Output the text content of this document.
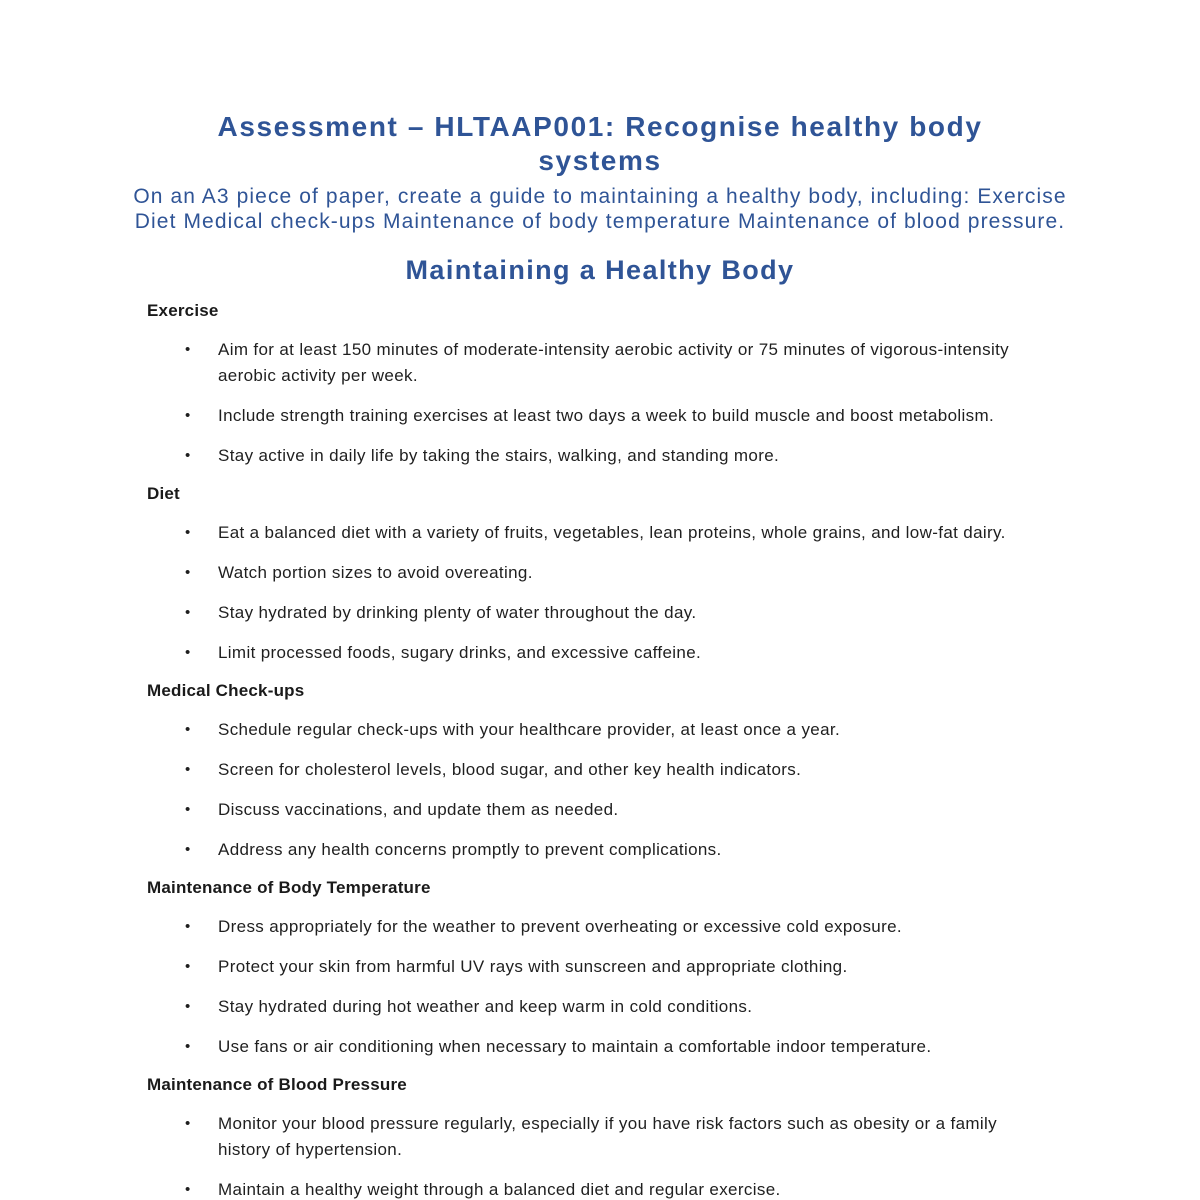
Assessment – HLTAAP001: Recognise healthy body systems

On an A3 piece of paper, create a guide to maintaining a healthy body, including: Exercise Diet Medical check-ups Maintenance of body temperature Maintenance of blood pressure.

Maintaining a Healthy Body
Exercise
•
Aim for at least 150 minutes of moderate-intensity aerobic activity or 75 minutes of vigorous-intensity aerobic activity per week.
•
Include strength training exercises at least two days a week to build muscle and boost metabolism.
•
Stay active in daily life by taking the stairs, walking, and standing more.
Diet
•
Eat a balanced diet with a variety of fruits, vegetables, lean proteins, whole grains, and low-fat dairy.
•
Watch portion sizes to avoid overeating.
•
Stay hydrated by drinking plenty of water throughout the day.
•
Limit processed foods, sugary drinks, and excessive caffeine.
Medical Check-ups
•
Schedule regular check-ups with your healthcare provider, at least once a year.
•
Screen for cholesterol levels, blood sugar, and other key health indicators.
•
Discuss vaccinations, and update them as needed.
•
Address any health concerns promptly to prevent complications.
Maintenance of Body Temperature
•
Dress appropriately for the weather to prevent overheating or excessive cold exposure.
•
Protect your skin from harmful UV rays with sunscreen and appropriate clothing.
•
Stay hydrated during hot weather and keep warm in cold conditions.
•
Use fans or air conditioning when necessary to maintain a comfortable indoor temperature.
Maintenance of Blood Pressure
•
Monitor your blood pressure regularly, especially if you have risk factors such as obesity or a family history of hypertension.
•
Maintain a healthy weight through a balanced diet and regular exercise.
